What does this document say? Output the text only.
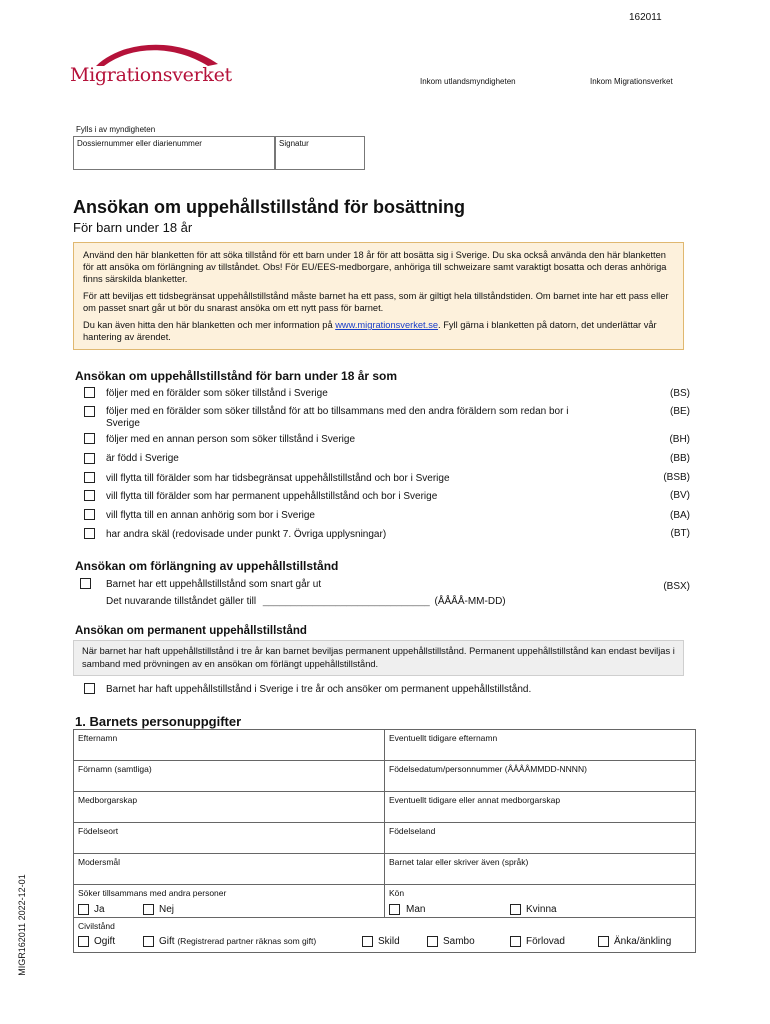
162011
Migrationsverket	Inkom utlandsmyndigheten	Inkom Migrationsverket
Fylls i av myndigheten
Dossiernummer eller diarienummer	Signatur
Ansökan om uppehållstillstånd för bosättning
För barn under 18 år
Använd den här blanketten för att söka tillstånd för ett barn under 18 år för att bosätta sig i Sverige. Du ska också använda den här blanketten för att ansöka om förlängning av tillståndet. Obs! För EU/EES-medborgare, anhöriga till schweizare samt varaktigt bosatta och deras anhöriga finns särskilda blanketter.
För att beviljas ett tidsbegränsat uppehållstillstånd måste barnet ha ett pass, som är giltigt hela tillståndstiden. Om barnet inte har ett pass eller om passet snart går ut bör du snarast ansöka om ett nytt pass för barnet.
Du kan även hitta den här blanketten och mer information på www.migrationsverket.se. Fyll gärna i blanketten på datorn, det underlättar vår hantering av ärendet.
Ansökan om uppehållstillstånd för barn under 18 år som
följer med en förälder som söker tillstånd i Sverige	(BS)
följer med en förälder som söker tillstånd för att bo tillsammans med den andra föräldern som redan bor i Sverige
(BE)
följer med en annan person som söker tillstånd i Sverige	(BH)
är född i Sverige	(BB)
vill flytta till förälder som har tidsbegränsat uppehållstillstånd och bor i Sverige	(BSB)
vill flytta till förälder som har permanent uppehållstillstånd och bor i Sverige	(BV)
vill flytta till en annan anhörig som bor i Sverige	(BA)
har andra skäl (redovisade under punkt 7. Övriga upplysningar)	(BT)
Ansökan om förlängning av uppehållstillstånd
Barnet har ett uppehållstillstånd som snart går ut	(BSX)
Det nuvarande tillståndet gäller till ______________________________ (ÅÅÅÅ-MM-DD)
Ansökan om permanent uppehållstillstånd
När barnet har haft uppehållstillstånd i tre år kan barnet beviljas permanent uppehållstillstånd. Permanent uppehållstillstånd kan endast beviljas i samband med prövningen av en ansökan om förlängt uppehållstillstånd.
Barnet har haft uppehållstillstånd i Sverige i tre år och ansöker om permanent uppehållstillstånd.
1. Barnets personuppgifter
Efternamn	Eventuellt tidigare efternamn
Förnamn (samtliga)	Födelsedatum/personnummer (ÅÅÅÅMMDD-NNNN)
Medborgarskap	Eventuellt tidigare eller annat medborgarskap
Födelseort	Födelseland
Modersmål	Barnet talar eller skriver även (språk)
Söker tillsammans med andra personer	Kön
Ja	Nej	Man	Kvinna
Civilstånd
Ogift	Gift (Registrerad partner räknas som gift)	Skild	Sambo	Förlovad	Änka/änkling
MIGR162011 2022-12-01
